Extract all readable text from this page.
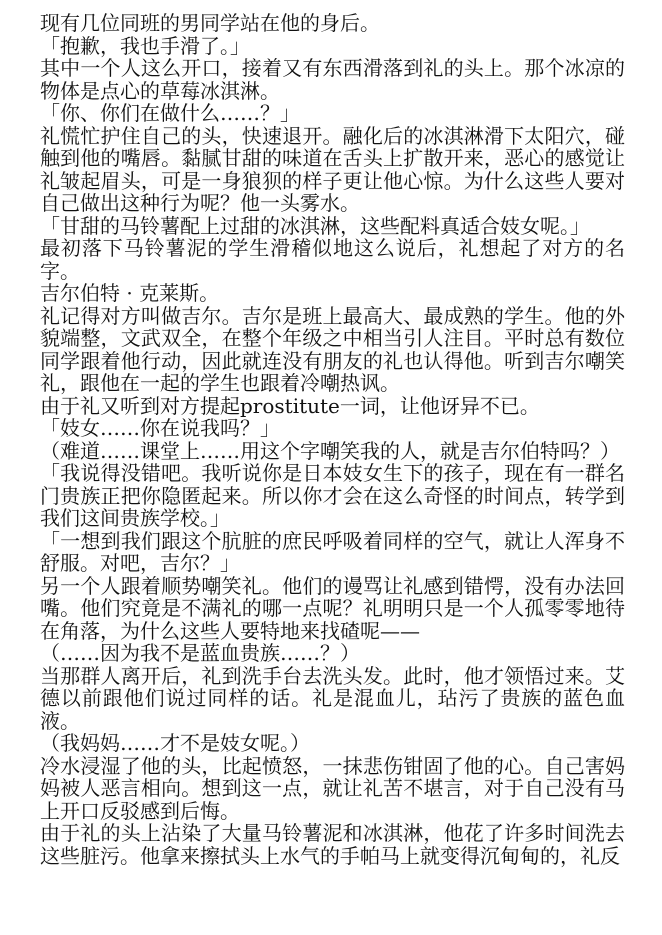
现有几位同班的男同学站在他的身后。

「抱歉，我也手滑了。」

其中一个人这么开口，接着又有东西滑落到礼的头上。那个冰凉的物体是点心的草莓冰淇淋。

「你、你们在做什么……？」

礼慌忙护住自己的头，快速退开。融化后的冰淇淋滑下太阳穴，碰触到他的嘴唇。黏腻甘甜的味道在舌头上扩散开来，恶心的感觉让礼皱起眉头，可是一身狼狈的样子更让他心惊。为什么这些人要对自己做出这种行为呢？他一头雾水。

「甘甜的马铃薯配上过甜的冰淇淋，这些配料真适合妓女呢。」

最初落下马铃薯泥的学生滑稽似地这么说后，礼想起了对方的名字。

吉尔伯特 · 克莱斯。

礼记得对方叫做吉尔。吉尔是班上最高大、最成熟的学生。他的外貌端整，文武双全，在整个年级之中相当引人注目。平时总有数位同学跟着他行动，因此就连没有朋友的礼也认得他。听到吉尔嘲笑礼，跟他在一起的学生也跟着冷嘲热讽。

由于礼又听到对方提起prostitute一词，让他讶异不已。

「妓女……你在说我吗？」

（难道……课堂上……用这个字嘲笑我的人，就是吉尔伯特吗？）

「我说得没错吧。我听说你是日本妓女生下的孩子，现在有一群名门贵族正把你隐匿起来。所以你才会在这么奇怪的时间点，转学到我们这间贵族学校。」

「一想到我们跟这个肮脏的庶民呼吸着同样的空气，就让人浑身不舒服。对吧，吉尔？」

另一个人跟着顺势嘲笑礼。他们的谩骂让礼感到错愕，没有办法回嘴。他们究竟是不满礼的哪一点呢？礼明明只是一个人孤零零地待在角落，为什么这些人要特地来找碴呢——

（……因为我不是蓝血贵族……？）

当那群人离开后，礼到洗手台去洗头发。此时，他才领悟过来。艾德以前跟他们说过同样的话。礼是混血儿，玷污了贵族的蓝色血液。

（我妈妈……才不是妓女呢。）

冷水浸湿了他的头，比起愤怒，一抹悲伤钳固了他的心。自己害妈妈被人恶言相向。想到这一点，就让礼苦不堪言，对于自己没有马上开口反驳感到后悔。

由于礼的头上沾染了大量马铃薯泥和冰淇淋，他花了许多时间洗去这些脏污。他拿来擦拭头上水气的手帕马上就变得沉甸甸的，礼反
